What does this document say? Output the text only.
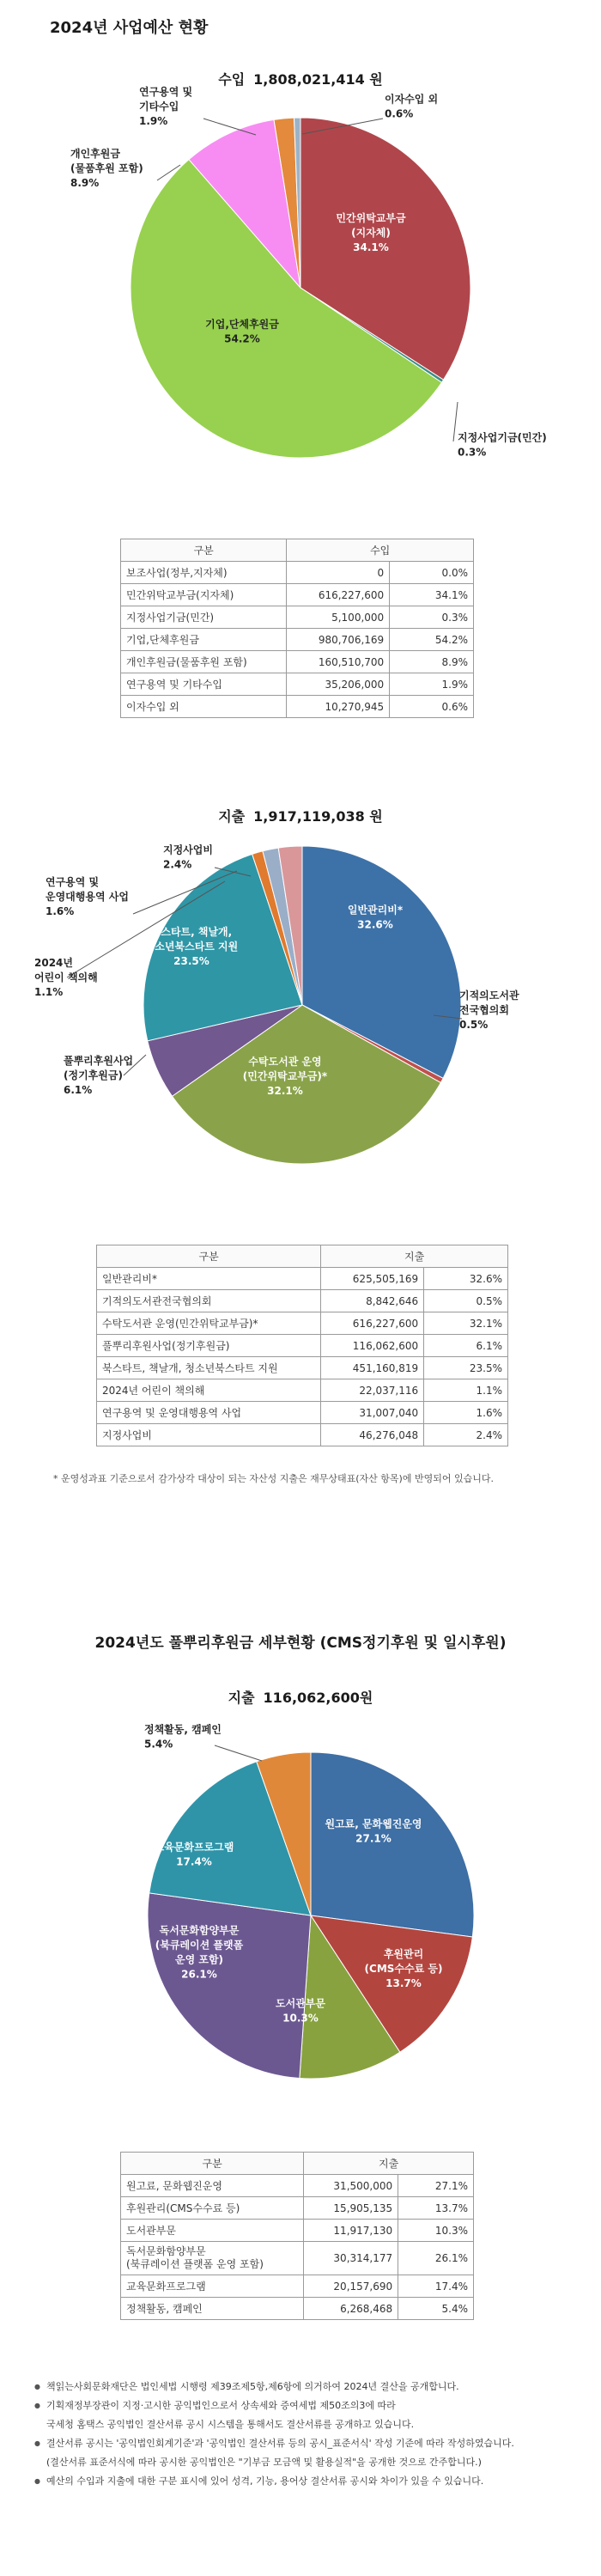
2024년 사업예산 현황
수입 1,808,021,414 원
민간위탁교부금 (지자체) 34.1%
지정사업기금(민간) 0.3%
기업,단체후원금 54.2%
개인후원금 (물품후원 포함) 8.9%
연구용역 및 기타수입 1.9%
이자수입 외 0.6%
구분	수입	
보조사업(정부,지자체)	0	0.0%
민간위탁교부금(지자체)	616,227,600	34.1%
지정사업기금(민간)	5,100,000	0.3%
기업,단체후원금	980,706,169	54.2%
개인후원금(물품후원 포함)	160,510,700	8.9%
연구용역 및 기타수입	35,206,000	1.9%
이자수입 외	10,270,945	0.6%
지출 1,917,119,038 원
일반관리비* 32.6%
기적의도서관 전국협의회 0.5%
수탁도서관 운영 (민간위탁교부금)* 32.1%
풀뿌리후원사업 (정기후원금) 6.1%
북스타트, 책날개, 청소년북스타트 지원 23.5%
2024년 어린이 책의해 1.1%
연구용역 및 운영대행용역 사업 1.6%
지정사업비 2.4%
구분	지출	
일반관리비*	625,505,169	32.6%
기적의도서관전국협의회	8,842,646	0.5%
수탁도서관 운영(민간위탁교부금)*	616,227,600	32.1%
풀뿌리후원사업(정기후원금)	116,062,600	6.1%
북스타트, 책날개, 청소년북스타트 지원	451,160,819	23.5%
2024년 어린이 책의해	22,037,116	1.1%
연구용역 및 운영대행용역 사업	31,007,040	1.6%
지정사업비	46,276,048	2.4%
* 운영성과표 기준으로서 감가상각 대상이 되는 자산성 지출은 재무상태표(자산 항목)에 반영되어 있습니다.
2024년도 풀뿌리후원금 세부현황 (CMS정기후원 및 일시후원)
지출 116,062,600원
원고료, 문화웹진운영 27.1%
후원관리 (CMS수수료 등) 13.7%
도서관부문 10.3%
독서문화함양부문 (북큐레이션 플랫폼 운영 포함) 26.1%
교육문화프로그램 17.4%
정책활동, 캠페인 5.4%
구분	지출	
원고료, 문화웹진운영	31,500,000	27.1%
후원관리(CMS수수료 등)	15,905,135	13.7%
도서관부문	11,917,130	10.3%
독서문화함양부문
(북큐레이션 플랫폼 운영 포함)	30,314,177	26.1%
교육문화프로그램	20,157,690	17.4%
정책활동, 캠페인	6,268,468	5.4%
● 책읽는사회문화재단은 법인세법 시행령 제39조제5항,제6항에 의거하여 2024년 결산을 공개합니다.
● 기획재정부장관이 지정·고시한 공익법인으로서 상속세와 증여세법 제50조의3에 따라
국세청 홈택스 공익법인 결산서류 공시 시스템을 통해서도 결산서류를 공개하고 있습니다.
● 결산서류 공시는 '공익법인회계기준'과 '공익법인 결산서류 등의 공시_표준서식' 작성 기준에 따라 작성하였습니다.
(결산서류 표준서식에 따라 공시한 공익법인은 "기부금 모금액 및 활용실적"을 공개한 것으로 간주합니다.)
● 예산의 수입과 지출에 대한 구분 표시에 있어 성격, 기능, 용어상 결산서류 공시와 차이가 있을 수 있습니다.
